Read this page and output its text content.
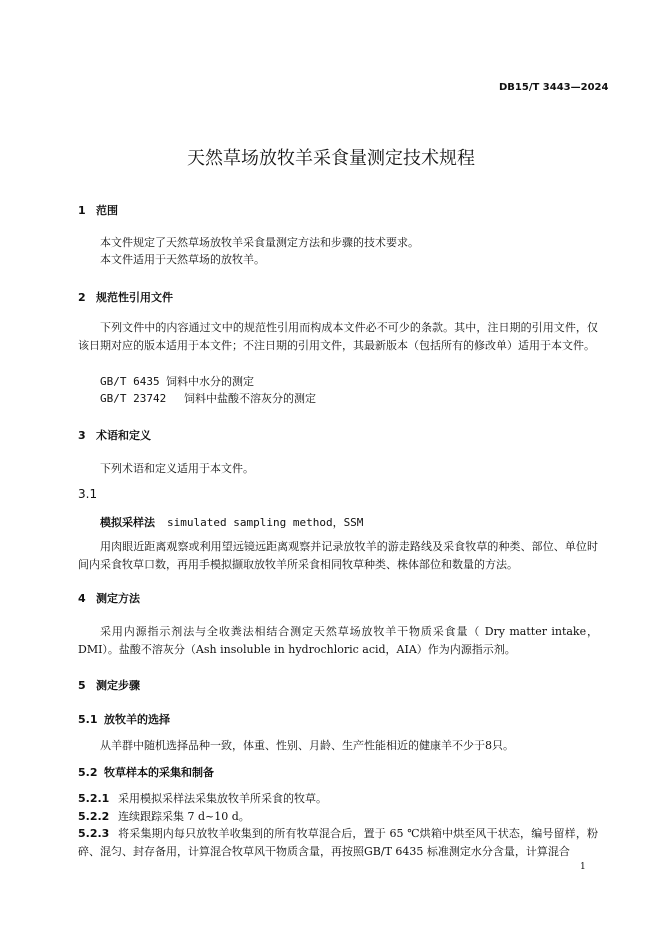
DB15/T 3443—2024
天然草场放牧羊采食量测定技术规程
1 范围
本文件规定了天然草场放牧羊采食量测定方法和步骤的技术要求。
本文件适用于天然草场的放牧羊。
2 规范性引用文件
下列文件中的内容通过文中的规范性引用而构成本文件必不可少的条款。其中，注日期的引用文件，仅该日期对应的版本适用于本文件；不注日期的引用文件，其最新版本（包括所有的修改单）适用于本文件。
GB/T 6435 饲料中水分的测定
GB/T 23742 饲料中盐酸不溶灰分的测定
3 术语和定义
下列术语和定义适用于本文件。
3.1
模拟采样法 simulated sampling method，SSM
用肉眼近距离观察或利用望远镜远距离观察并记录放牧羊的游走路线及采食牧草的种类、部位、单位时间内采食牧草口数，再用手模拟撷取放牧羊所采食相同牧草种类、株体部位和数量的方法。
4 测定方法
采用内源指示剂法与全收粪法相结合测定天然草场放牧羊干物质采食量（ Dry matter intake，DMI）。盐酸不溶灰分（Ash insoluble in hydrochloric acid，AIA）作为内源指示剂。
5 测定步骤
5.1 放牧羊的选择
从羊群中随机选择品种一致，体重、性别、月龄、生产性能相近的健康羊不少于8只。
5.2 牧草样本的采集和制备
5.2.1 采用模拟采样法采集放牧羊所采食的牧草。
5.2.2 连续跟踪采集 7 d~10 d。
5.2.3 将采集期内每只放牧羊收集到的所有牧草混合后，置于 65 ℃烘箱中烘至风干状态，编号留样，粉碎、混匀、封存备用，计算混合牧草风干物质含量，再按照GB/T 6435 标准测定水分含量，计算混合
1
